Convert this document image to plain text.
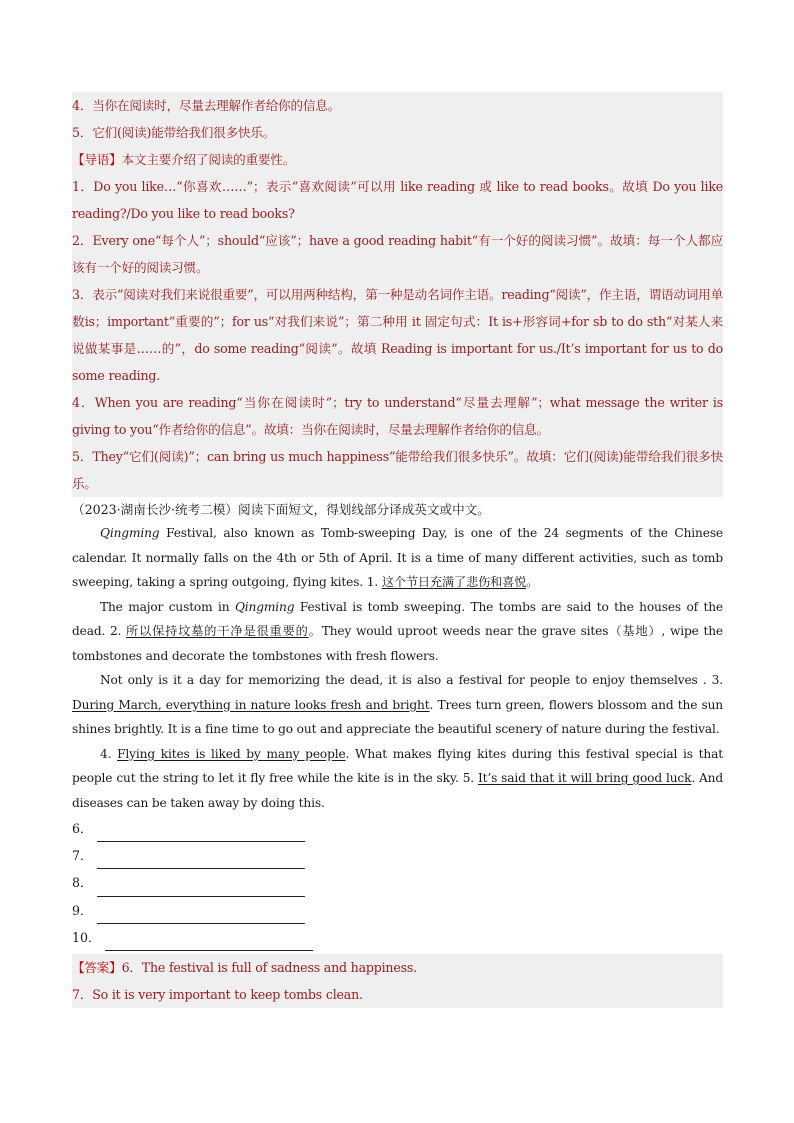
4．当你在阅读时，尽量去理解作者给你的信息。

5．它们(阅读)能带给我们很多快乐。

【导语】本文主要介绍了阅读的重要性。

1．Do you like…“你喜欢……”；表示“喜欢阅读”可以用 like reading 或 like to read books。故填 Do you like reading?/Do you like to read books?

2．Every one“每个人”；should“应该”；have a good reading habit“有一个好的阅读习惯”。故填：每一个人都应该有一个好的阅读习惯。

3．表示“阅读对我们来说很重要”，可以用两种结构，第一种是动名词作主语。reading“阅读”，作主语，谓语动词用单数is；important“重要的”；for us“对我们来说”；第二种用 it 固定句式：It is+形容词+for sb to do sth“对某人来说做某事是……的”，do some reading“阅读”。故填 Reading is important for us./It’s important for us to do some reading.

4．When you are reading“当你在阅读时”；try to understand“尽量去理解”；what message the writer is giving to you“作者给你的信息”。故填：当你在阅读时，尽量去理解作者给你的信息。

5．They“它们(阅读)”；can bring us much happiness“能带给我们很多快乐”。故填：它们(阅读)能带给我们很多快乐。

（2023·湖南长沙·统考二模）阅读下面短文，得划线部分译成英文或中文。

Qingming Festival, also known as Tomb-sweeping Day, is one of the 24 segments of the Chinese calendar. It normally falls on the 4th or 5th of April. It is a time of many different activities, such as tomb sweeping, taking a spring outgoing, flying kites. 1. 这个节日充满了悲伤和喜悦。

The major custom in Qingming Festival is tomb sweeping. The tombs are said to the houses of the dead. 2. 所以保持坟墓的干净是很重要的。They would uproot weeds near the grave sites（基地）, wipe the tombstones and decorate the tombstones with fresh flowers.

Not only is it a day for memorizing the dead, it is also a festival for people to enjoy themselves . 3. During March, everything in nature looks fresh and bright. Trees turn green, flowers blossom and the sun shines brightly. It is a fine time to go out and appreciate the beautiful scenery of nature during the festival.

4. Flying kites is liked by many people. What makes flying kites during this festival special is that people cut the string to let it fly free while the kite is in the sky. 5. It’s said that it will bring good luck. And diseases can be taken away by doing this.

6．
7．
8．
9．
10．

【答案】6．The festival is full of sadness and happiness.

7．So it is very important to keep tombs clean.
